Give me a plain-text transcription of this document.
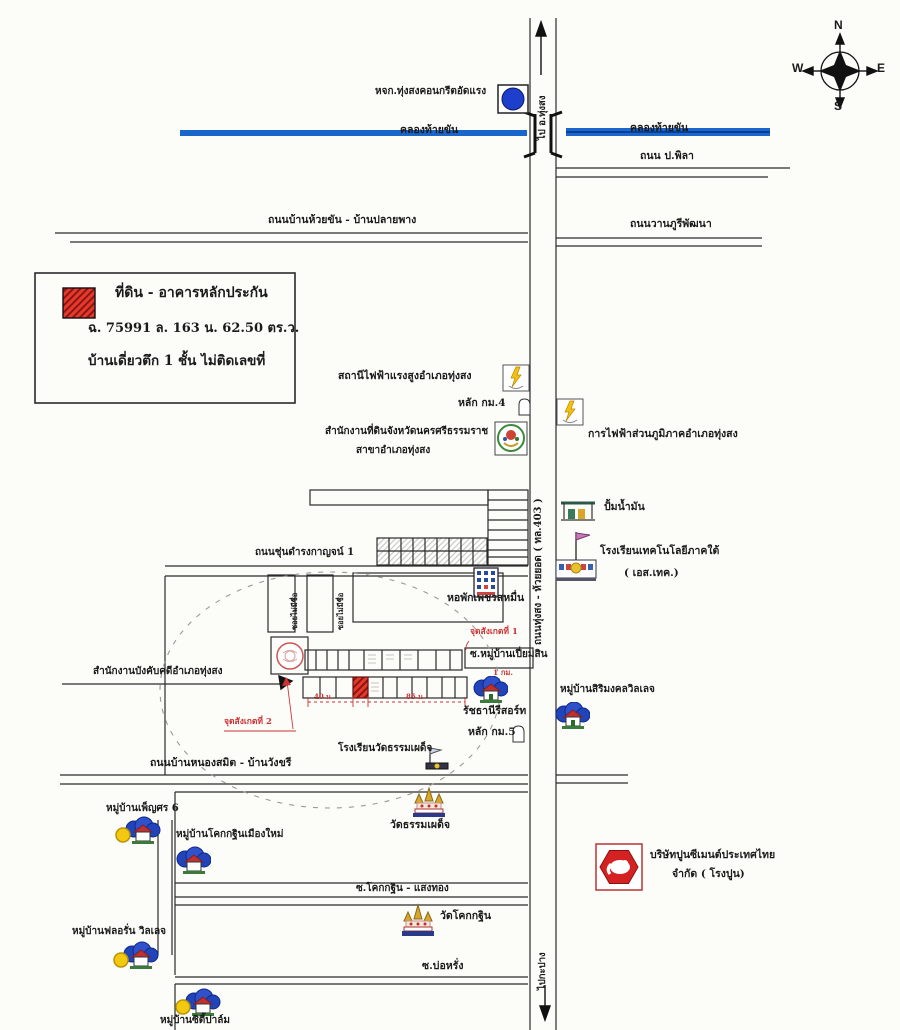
N
S
W	E
หจก.ทุ่งสงคอนกรีตอัดแรง
ไป อ.ทุ่งสง
คลองท้ายขัน	คลองท้ายขัน
ถนน ป.พิลา
ถนนวานภูรีพัฒนา
ถนนบ้านห้วยขัน - บ้านปลายพาง
ที่ดิน - อาคารหลักประกัน
ฉ. 75991 ล. 163 น. 62.50 ตร.ว.
บ้านเดี่ยวตึก 1 ชั้น ไม่ติดเลขที่
สถานีไฟฟ้าแรงสูงอำเภอทุ่งสง
หลัก กม.4
สำนักงานที่ดินจังหวัดนครศรีธรรมราช
สาขาอำเภอทุ่งสง
การไฟฟ้าส่วนภูมิภาคอำเภอทุ่งสง
ถนนทุ่งสง - ห้วยยอด ( ทล.403 )	ปั้มน้ำมัน
โรงเรียนเทคโนโลยีภาคใต้
( เอส.เทค.)
ถนนชุ่นดำรงกาญจน์ 1
ซอยไม่มีชื่อ	ซอยไม่มีชื่อ	หอพักเพชรสหมื่น
จุดสังเกตที่ 1
ซ.หมู่บ้านเปี่ยมสิน
สำนักงานบังคับคดีอำเภอทุ่งสง	1 กม.
รัชธานีรีสอร์ท
หมู่บ้านสิริมงคลวิลเลจ
จุดสังเกตที่ 2
40 ม.	85 ม.
หลัก กม.5
โรงเรียนวัดธรรมเผด็จ
ถนนบ้านหนองสมิต - บ้านวังขรี
หมู่บ้านเพ็ญศร 6
หมู่บ้านโคกกฐินเมืองใหม่
วัดธรรมเผด็จ
ซ.โคกกฐิน - แสงทอง
วัดโคกกฐิน
บริษัทปูนซีเมนต์ประเทศไทย
จำกัด ( โรงปูน)
หมู่บ้านฟลอรั่น วิลเลจ
ซ.บ่อหรั่ง	ไปกะปาง
หมู่บ้านซิตี้ปาล์ม
